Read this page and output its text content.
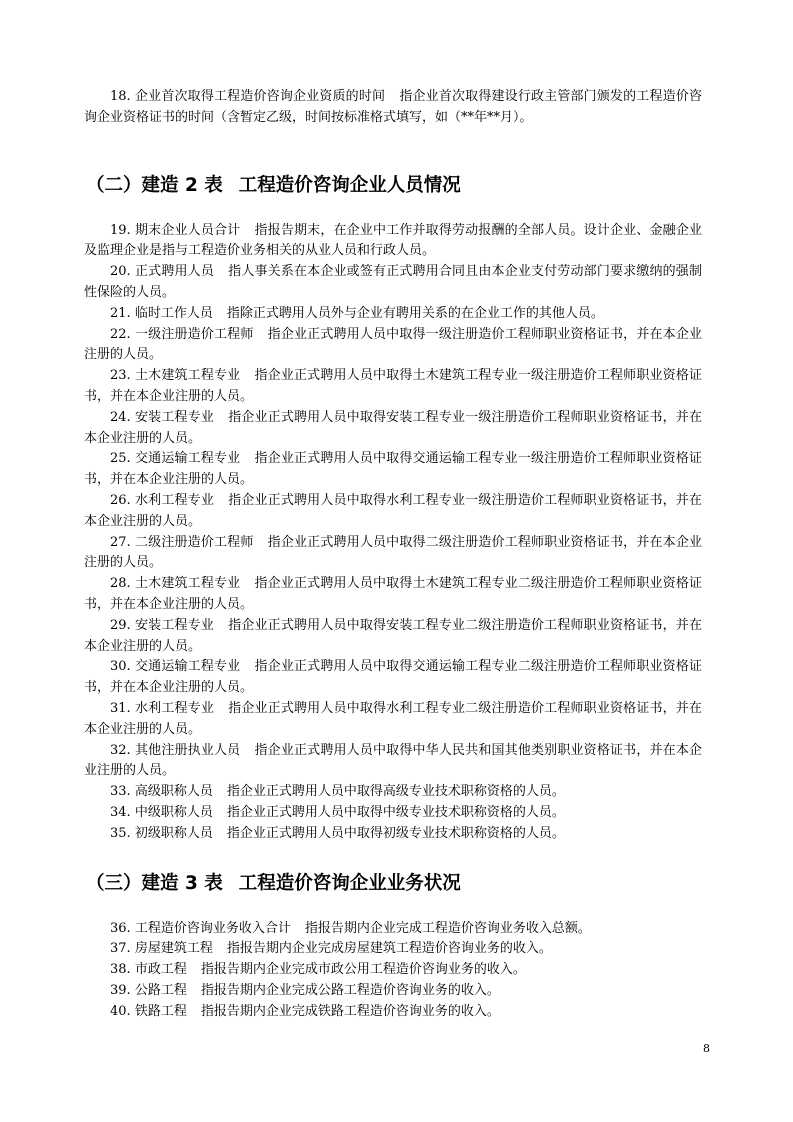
18. 企业首次取得工程造价咨询企业资质的时间 指企业首次取得建设行政主管部门颁发的工程造价咨询企业资格证书的时间（含暂定乙级，时间按标准格式填写，如（**年**月）。

（二）建造 2 表 工程造价咨询企业人员情况

19. 期末企业人员合计 指报告期末，在企业中工作并取得劳动报酬的全部人员。设计企业、金融企业及监理企业是指与工程造价业务相关的从业人员和行政人员。

20. 正式聘用人员 指人事关系在本企业或签有正式聘用合同且由本企业支付劳动部门要求缴纳的强制性保险的人员。

21. 临时工作人员 指除正式聘用人员外与企业有聘用关系的在企业工作的其他人员。

22. 一级注册造价工程师 指企业正式聘用人员中取得一级注册造价工程师职业资格证书，并在本企业注册的人员。

23. 土木建筑工程专业 指企业正式聘用人员中取得土木建筑工程专业一级注册造价工程师职业资格证书，并在本企业注册的人员。

24. 安装工程专业 指企业正式聘用人员中取得安装工程专业一级注册造价工程师职业资格证书，并在本企业注册的人员。

25. 交通运输工程专业 指企业正式聘用人员中取得交通运输工程专业一级注册造价工程师职业资格证书，并在本企业注册的人员。

26. 水利工程专业 指企业正式聘用人员中取得水利工程专业一级注册造价工程师职业资格证书，并在本企业注册的人员。

27. 二级注册造价工程师 指企业正式聘用人员中取得二级注册造价工程师职业资格证书，并在本企业注册的人员。

28. 土木建筑工程专业 指企业正式聘用人员中取得土木建筑工程专业二级注册造价工程师职业资格证书，并在本企业注册的人员。

29. 安装工程专业 指企业正式聘用人员中取得安装工程专业二级注册造价工程师职业资格证书，并在本企业注册的人员。

30. 交通运输工程专业 指企业正式聘用人员中取得交通运输工程专业二级注册造价工程师职业资格证书，并在本企业注册的人员。

31. 水利工程专业 指企业正式聘用人员中取得水利工程专业二级注册造价工程师职业资格证书，并在本企业注册的人员。

32. 其他注册执业人员 指企业正式聘用人员中取得中华人民共和国其他类别职业资格证书，并在本企业注册的人员。

33. 高级职称人员 指企业正式聘用人员中取得高级专业技术职称资格的人员。

34. 中级职称人员 指企业正式聘用人员中取得中级专业技术职称资格的人员。

35. 初级职称人员 指企业正式聘用人员中取得初级专业技术职称资格的人员。

（三）建造 3 表 工程造价咨询企业业务状况

36. 工程造价咨询业务收入合计 指报告期内企业完成工程造价咨询业务收入总额。

37. 房屋建筑工程 指报告期内企业完成房屋建筑工程造价咨询业务的收入。

38. 市政工程 指报告期内企业完成市政公用工程造价咨询业务的收入。

39. 公路工程 指报告期内企业完成公路工程造价咨询业务的收入。

40. 铁路工程 指报告期内企业完成铁路工程造价咨询业务的收入。

8
